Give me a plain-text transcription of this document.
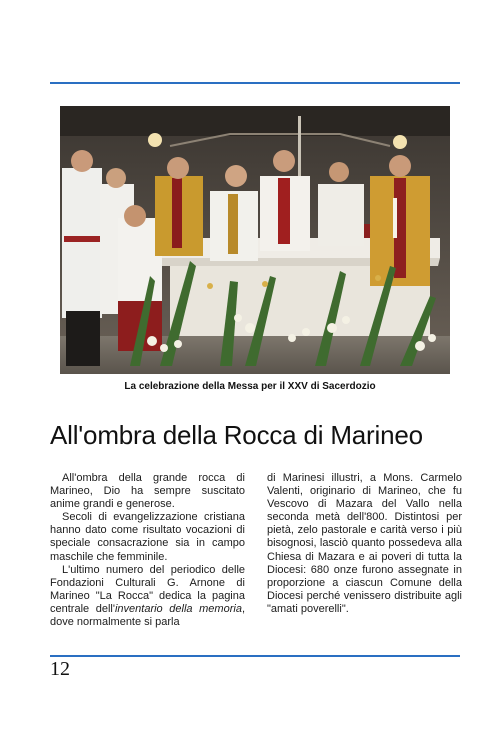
La celebrazione della Messa per il XXV di Sacerdozio
All'ombra della Rocca di Marineo

All'ombra della grande rocca di Marineo, Dio ha sempre suscitato anime grandi e generose.

Secoli di evangelizzazione cristiana hanno dato come risultato vocazioni di speciale consacrazione sia in campo maschile che femminile.

L'ultimo numero del periodico delle Fondazioni Culturali G. Arnone di Marineo "La Rocca" dedica la pagina centrale dell'inventario della memoria, dove normalmente si parla

di Marinesi illustri, a Mons. Carmelo Valenti, originario di Marineo, che fu Vescovo di Mazara del Vallo nella seconda metà dell'800. Distintosi per pietà, zelo pastorale e carità verso i più bisognosi, lasciò quanto possedeva alla Chiesa di Mazara e ai poveri di tutta la Diocesi: 680 onze furono assegnate in proporzione a ciascun Comune della Diocesi perché venissero distribuite agli "amati poverelli".

12
